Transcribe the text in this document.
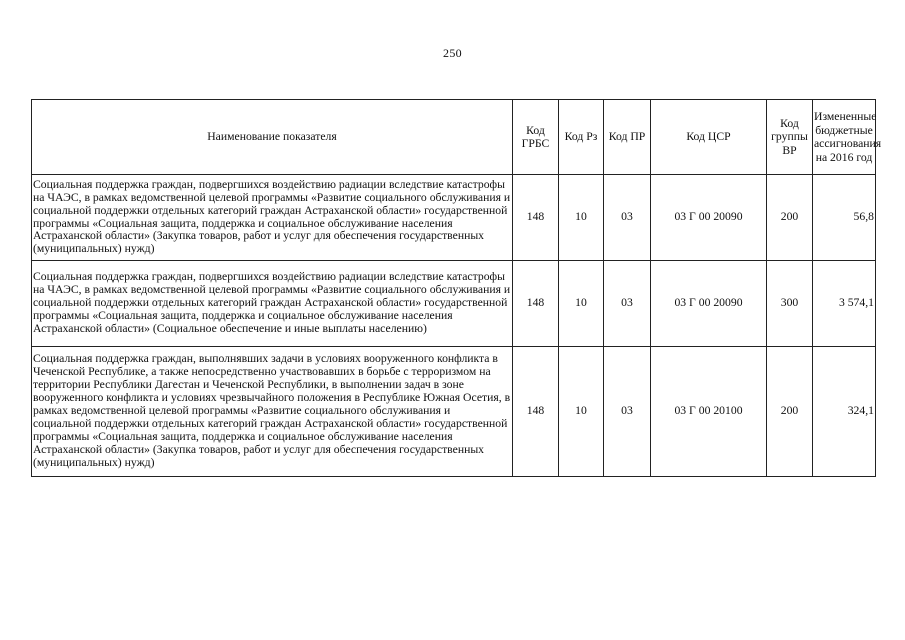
250
Наименование показателя	Код ГРБС	Код Рз	Код ПР	Код ЦСР	Код группы ВР	Измененные бюджетные ассигнования на 2016 год
Социальная поддержка граждан, подвергшихся воздействию радиации вследствие катастрофы на ЧАЭС, в рамках ведомственной целевой программы «Развитие социального обслуживания и социальной поддержки отдельных категорий граждан Астраханской области» государственной программы «Социальная защита, поддержка и социальное обслуживание населения Астраханской области» (Закупка товаров, работ и услуг для обеспечения государственных (муниципальных) нужд)	148	10	03	03 Г 00 20090	200	56,8
Социальная поддержка граждан, подвергшихся воздействию радиации вследствие катастрофы на ЧАЭС, в рамках ведомственной целевой программы «Развитие социального обслуживания и социальной поддержки отдельных категорий граждан Астраханской области» государственной программы «Социальная защита, поддержка и социальное обслуживание населения Астраханской области» (Социальное обеспечение и иные выплаты населению)	148	10	03	03 Г 00 20090	300	3 574,1
Социальная поддержка граждан, выполнявших задачи в условиях вооруженного конфликта в Чеченской Республике, а также непосредственно участвовавших в борьбе с терроризмом на территории Республики Дагестан и Чеченской Республики, в выполнении задач в зоне вооруженного конфликта и условиях чрезвычайного положения в Республике Южная Осетия, в рамках ведомственной целевой программы «Развитие социального обслуживания и социальной поддержки отдельных категорий граждан Астраханской области» государственной программы «Социальная защита, поддержка и социальное обслуживание населения Астраханской области» (Закупка товаров, работ и услуг для обеспечения государственных (муниципальных) нужд)	148	10	03	03 Г 00 20100	200	324,1
